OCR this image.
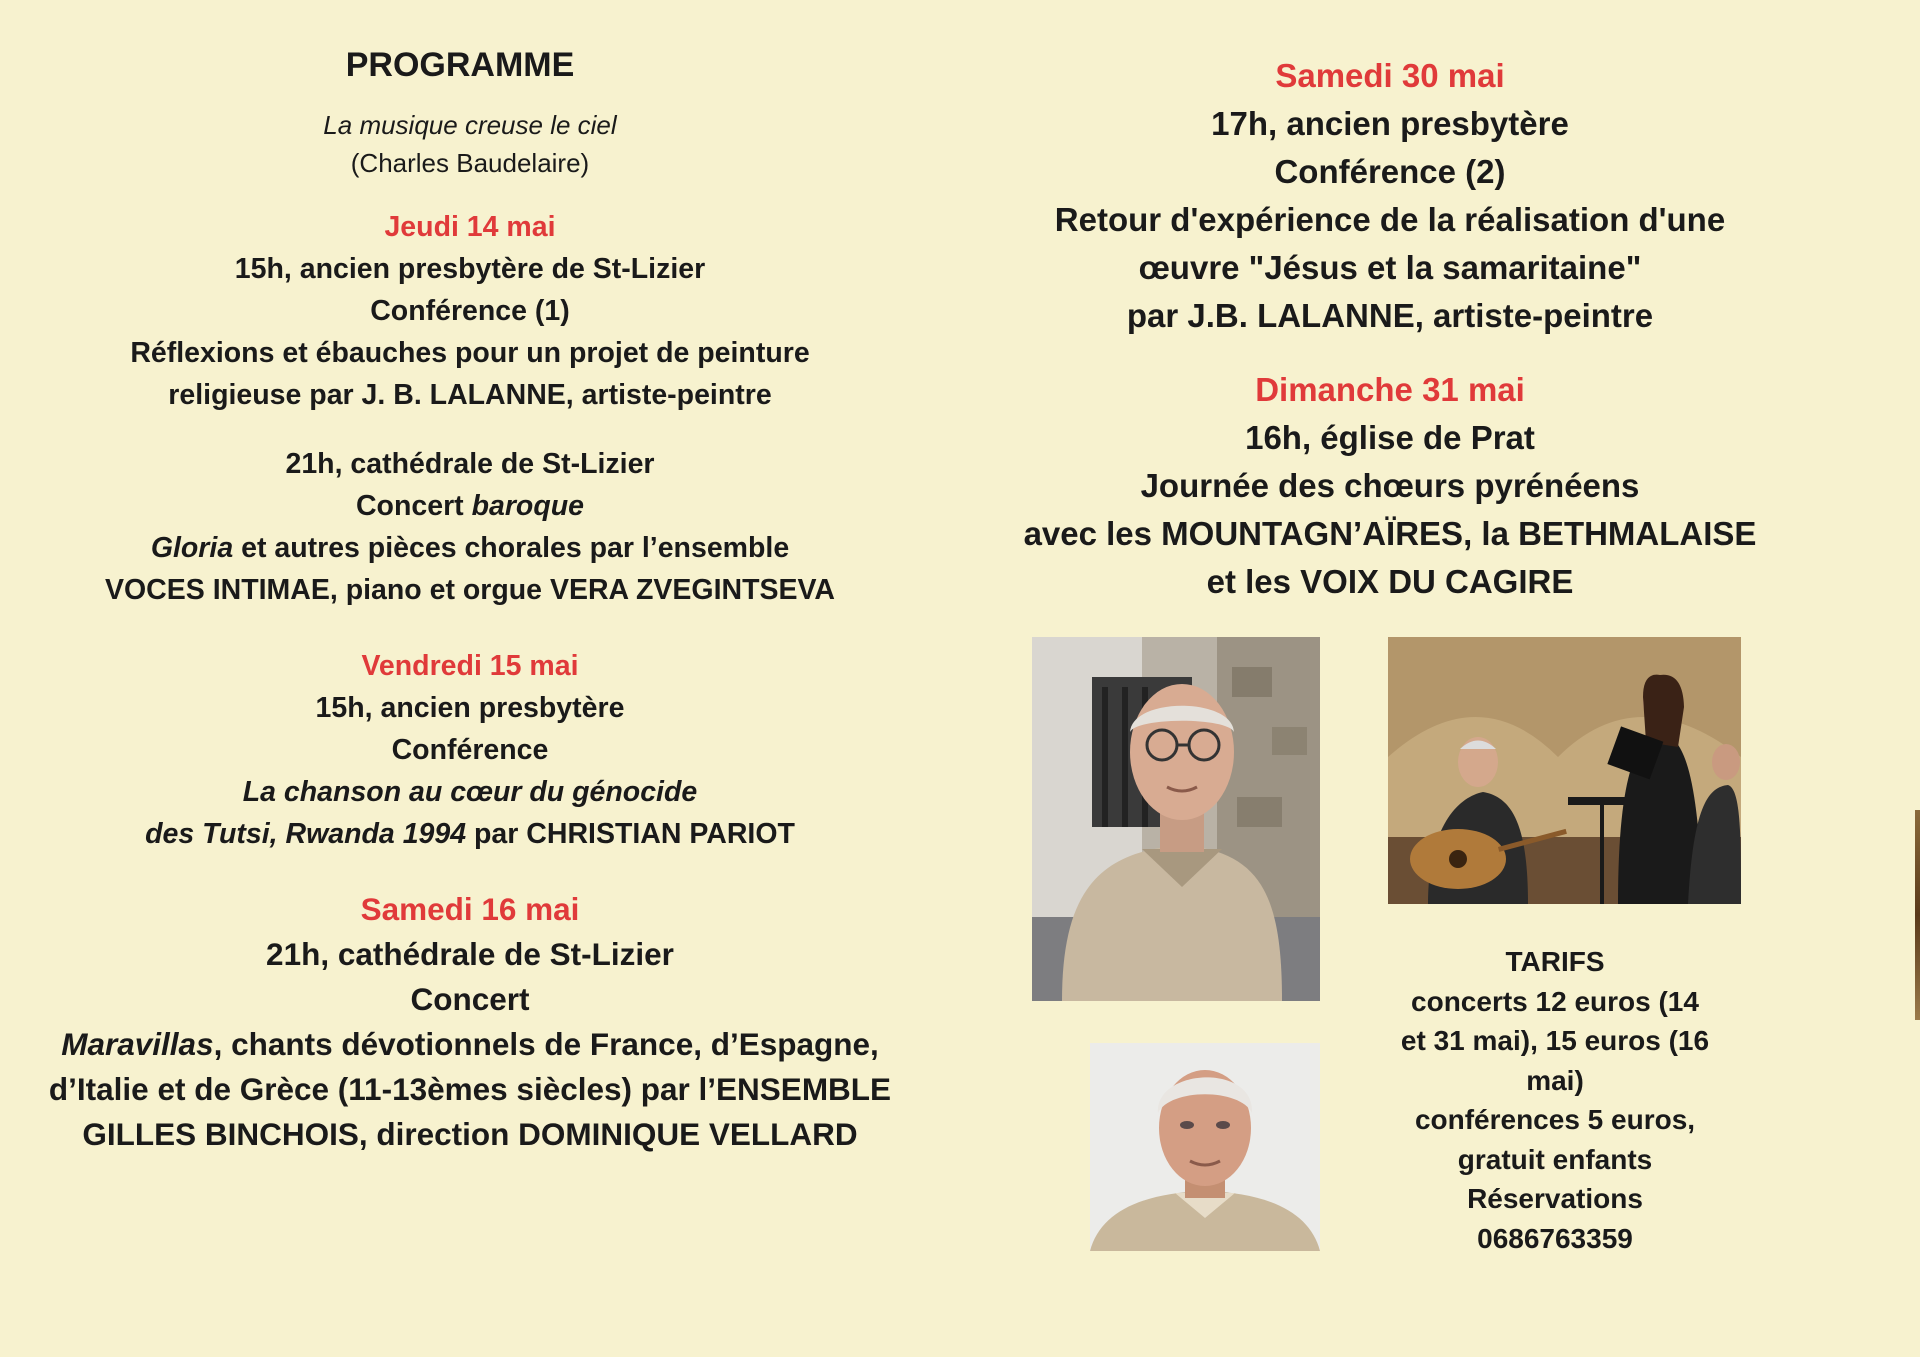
PROGRAMME
La musique creuse le ciel
(Charles Baudelaire)
Jeudi 14 mai
15h, ancien presbytère de St-Lizier
Conférence (1)
Réflexions et ébauches pour un projet de peinture
religieuse par J. B. LALANNE, artiste-peintre
21h, cathédrale de St-Lizier
Concert baroque
Gloria et autres pièces chorales par l’ensemble
VOCES INTIMAE, piano et orgue VERA ZVEGINTSEVA
Vendredi 15 mai
15h, ancien presbytère
Conférence
La chanson au cœur du génocide
des Tutsi, Rwanda 1994 par CHRISTIAN PARIOT
Samedi 16 mai
21h, cathédrale de St-Lizier
Concert
Maravillas, chants dévotionnels de France, d’Espagne,
d’Italie et de Grèce (11-13èmes siècles) par l’ENSEMBLE
GILLES BINCHOIS, direction DOMINIQUE VELLARD
Samedi 30 mai
17h, ancien presbytère
Conférence (2)
Retour d'expérience de la réalisation d'une
œuvre "Jésus et la samaritaine"
par J.B. LALANNE, artiste-peintre
Dimanche 31 mai
16h, église de Prat
Journée des chœurs pyrénéens
avec les MOUNTAGN’AÏRES, la BETHMALAISE
et les VOIX DU CAGIRE
TARIFS
concerts 12 euros (14
et 31 mai), 15 euros (16
mai)
conférences 5 euros,
gratuit enfants
Réservations
0686763359
